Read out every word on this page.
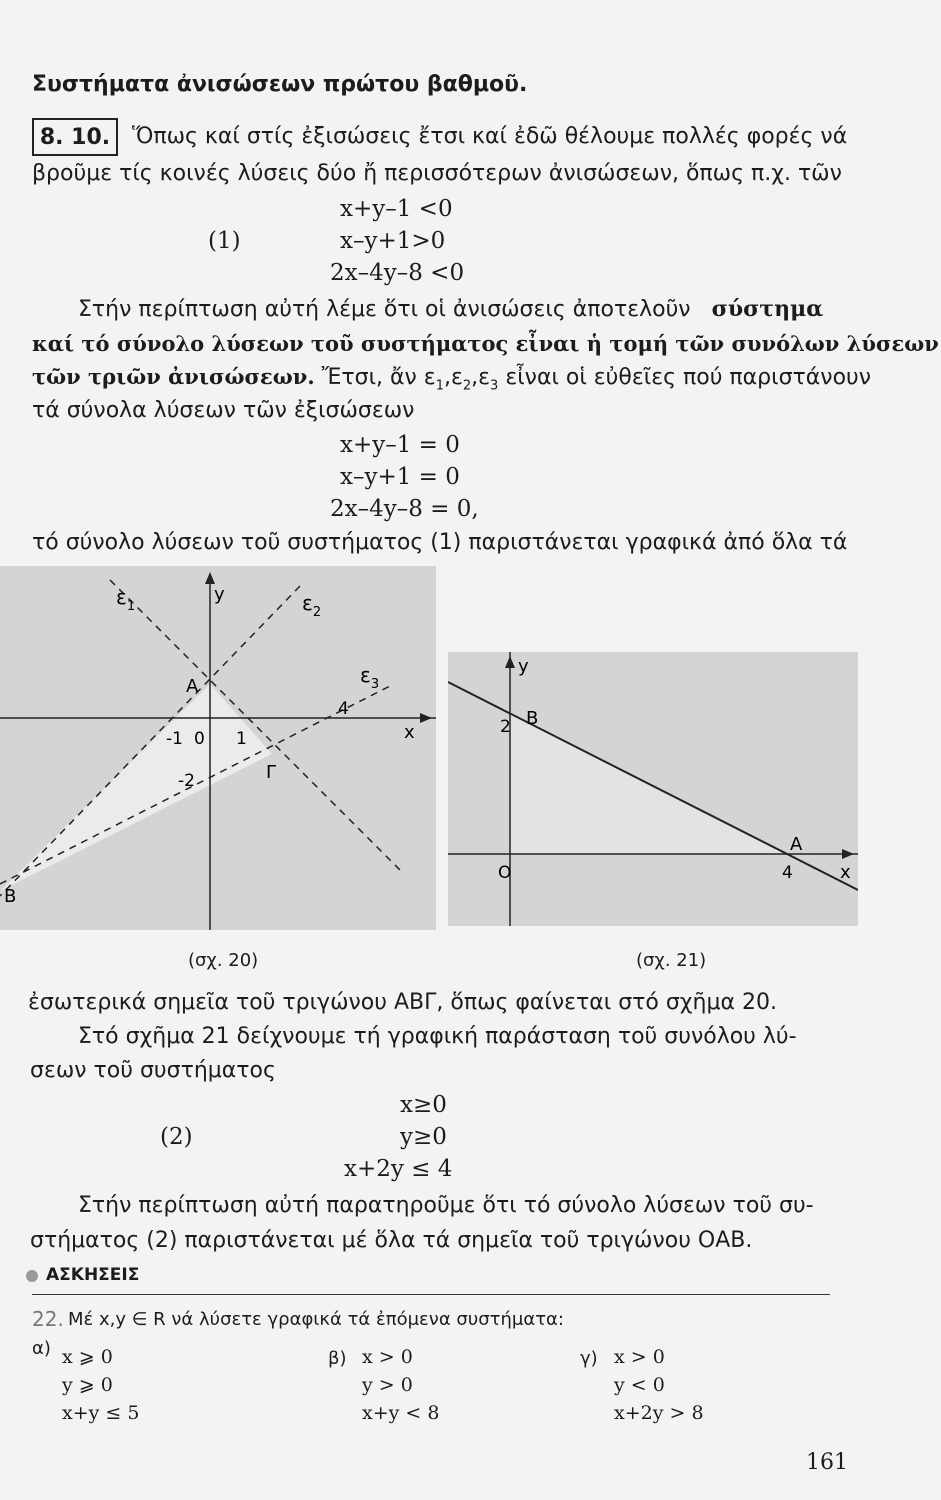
Συστήματα ἀνισώσεων πρώτου βαθμοῦ.
8. 10. Ὅπως καί στίς ἐξισώσεις ἔτσι καί ἐδῶ θέλουμε πολλές φορές νά
βροῦμε τίς κοινές λύσεις δύο ἤ περισσότερων ἀνισώσεων, ὅπως π.χ. τῶν
x+y–1 <0
(1)	x–y+1>0
2x–4y–8 <0
Στήν περίπτωση αὐτή λέμε ὅτι οἱ ἀνισώσεις ἀποτελοῦν σύστημα
καί τό σύνολο λύσεων τοῦ συστήματος εἶναι ἡ τομή τῶν συνόλων λύσεων
τῶν τριῶν ἀνισώσεων. Ἔτσι, ἄν $\varepsilon_1,\varepsilon_2,\varepsilon_3$ εἶναι οἱ εὐθεῖες πού παριστάνουν
τά σύνολα λύσεων τῶν ἐξισώσεων
x+y–1 = 0
x–y+1 = 0
2x–4y–8 = 0,
τό σύνολο λύσεων τοῦ συστήματος (1) παριστάνεται γραφικά ἀπό ὅλα τά
$\varepsilon_1$	$\varepsilon_2$
$\varepsilon_3$
y
x
A
B
Γ
-1 0 1
4
-2
(σχ. 20)
y
x
B
A
O
2
4
(σχ. 21)
ἐσωτερικά σημεῖα τοῦ τριγώνου ΑΒΓ, ὅπως φαίνεται στό σχῆμα 20.
Στό σχῆμα 21 δείχνουμε τή γραφική παράσταση τοῦ συνόλου λύ-
σεων τοῦ συστήματος
x≥0
(2)	y≥0
x+2y ≤ 4
Στήν περίπτωση αὐτή παρατηροῦμε ὅτι τό σύνολο λύσεων τοῦ συ-
στήματος (2) παριστάνεται μέ ὅλα τά σημεῖα τοῦ τριγώνου ΟΑΒ.
ΑΣΚΗΣΕΙΣ
22. Μέ x,y ∈ R νά λύσετε γραφικά τά ἐπόμενα συστήματα:
α) x ⩾ 0
y ⩾ 0
x+y ≤ 5
β) x > 0
y > 0
x+y < 8
γ) x > 0
y < 0
x+2y > 8
161
